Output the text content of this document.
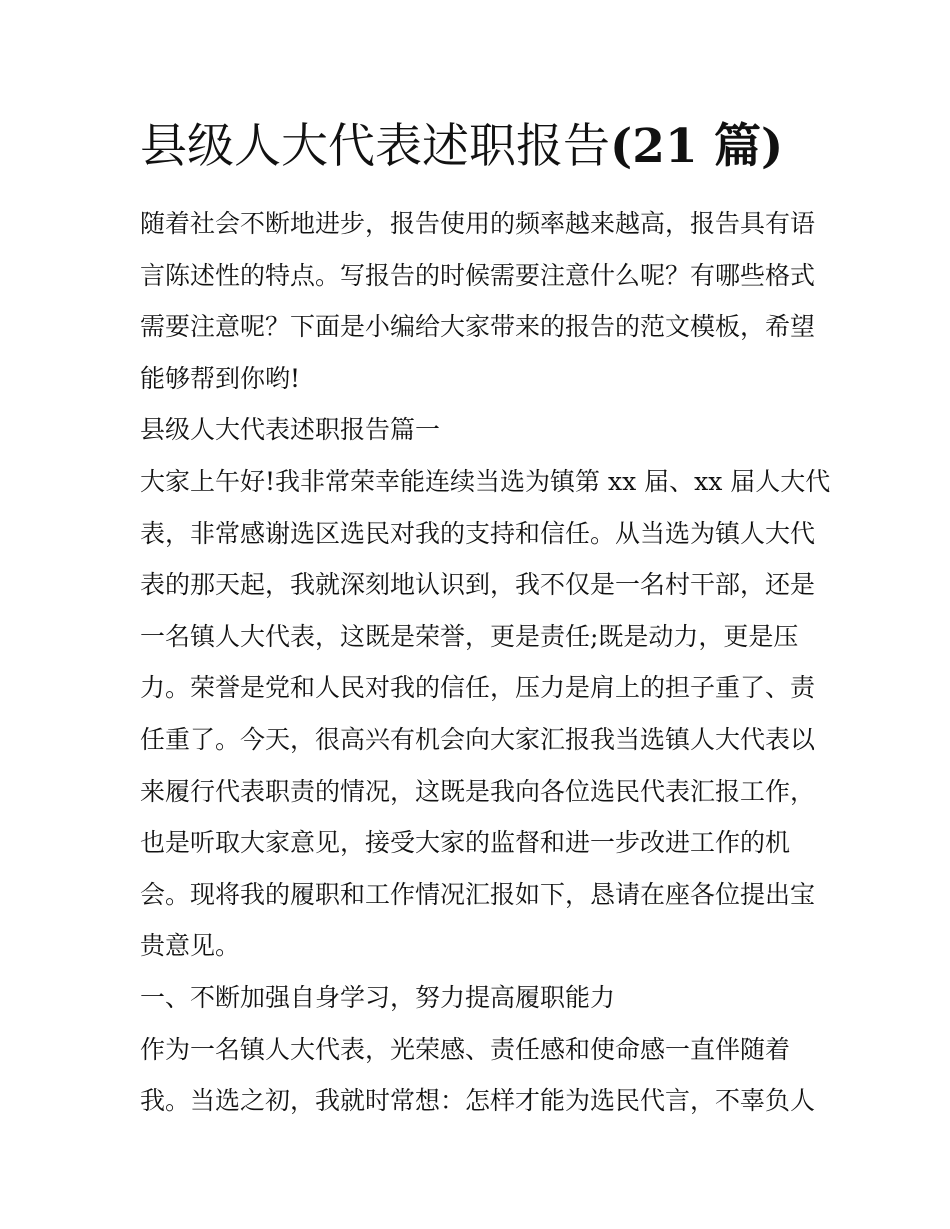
县级人大代表述职报告(21 篇)
随着社会不断地进步，报告使用的频率越来越高，报告具有语
言陈述性的特点。写报告的时候需要注意什么呢？有哪些格式
需要注意呢？下面是小编给大家带来的报告的范文模板，希望
能够帮到你哟!
县级人大代表述职报告篇一
大家上午好!我非常荣幸能连续当选为镇第 xx 届、xx 届人大代
表，非常感谢选区选民对我的支持和信任。从当选为镇人大代
表的那天起，我就深刻地认识到，我不仅是一名村干部，还是
一名镇人大代表，这既是荣誉，更是责任;既是动力，更是压
力。荣誉是党和人民对我的信任，压力是肩上的担子重了、责
任重了。今天，很高兴有机会向大家汇报我当选镇人大代表以
来履行代表职责的情况，这既是我向各位选民代表汇报工作，
也是听取大家意见，接受大家的监督和进一步改进工作的机
会。现将我的履职和工作情况汇报如下，恳请在座各位提出宝
贵意见。
一、不断加强自身学习，努力提高履职能力
作为一名镇人大代表，光荣感、责任感和使命感一直伴随着
我。当选之初，我就时常想：怎样才能为选民代言，不辜负人
